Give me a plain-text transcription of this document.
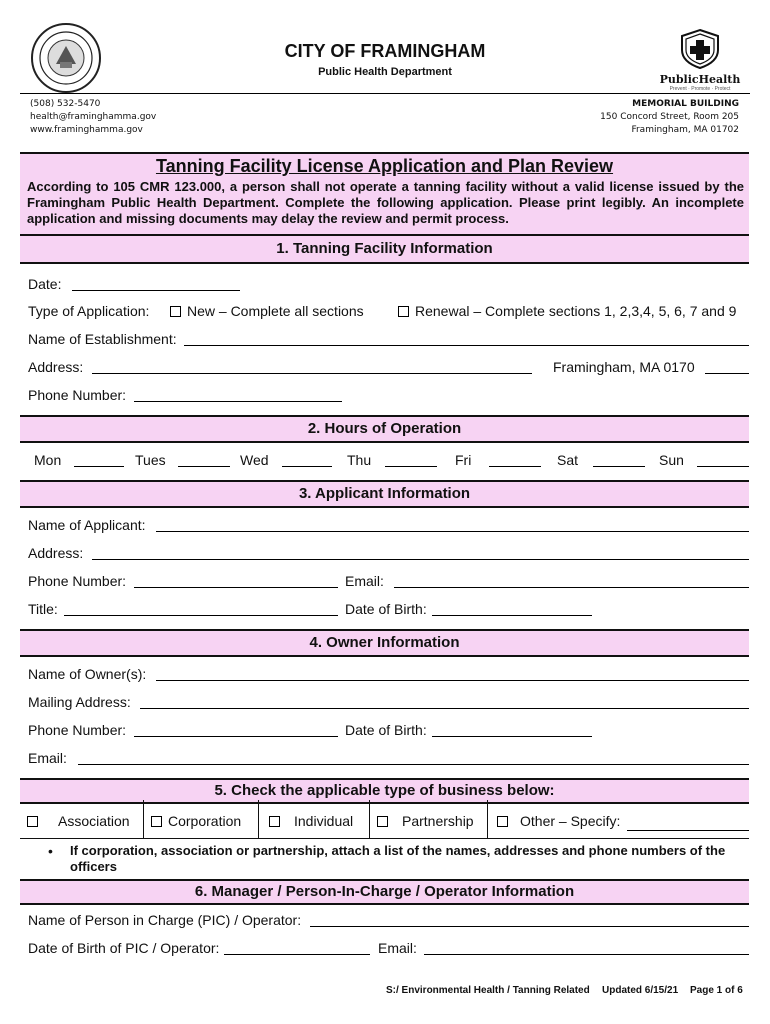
CITY OF FRAMINGHAM
Public Health Department
PublicHealth
Prevent · Promote · Protect
(508) 532-5470
health@framinghamma.gov
www.framinghamma.gov
MEMORIAL BUILDING
150 Concord Street, Room 205
Framingham, MA 01702
Tanning Facility License Application and Plan Review
According to 105 CMR 123.000, a person shall not operate a tanning facility without a valid license issued by the Framingham Public Health Department. Complete the following application. Please print legibly. An incomplete application and missing documents may delay the review and permit process.
1. Tanning Facility Information
Date:
Type of Application:	New – Complete all sections	Renewal – Complete sections 1, 2,3,4, 5, 6, 7 and 9
Name of Establishment:
Address:	Framingham, MA 0170
Phone Number:
2. Hours of Operation
Mon	Tues	Wed	Thu	Fri	Sat	Sun
3. Applicant Information
Name of Applicant:
Address:
Phone Number:	Email:
Title:	Date of Birth:
4. Owner Information
Name of Owner(s):
Mailing Address:
Phone Number:	Date of Birth:
Email:
5. Check the applicable type of business below:
Association	Corporation	Individual	Partnership	Other – Specify:
• If corporation, association or partnership, attach a list of the names, addresses and phone numbers of the officers
6. Manager / Person-In-Charge / Operator Information
Name of Person in Charge (PIC) / Operator:
Date of Birth of PIC / Operator:	Email:
S:/ Environmental Health / Tanning Related Updated 6/15/21 Page 1 of 6
